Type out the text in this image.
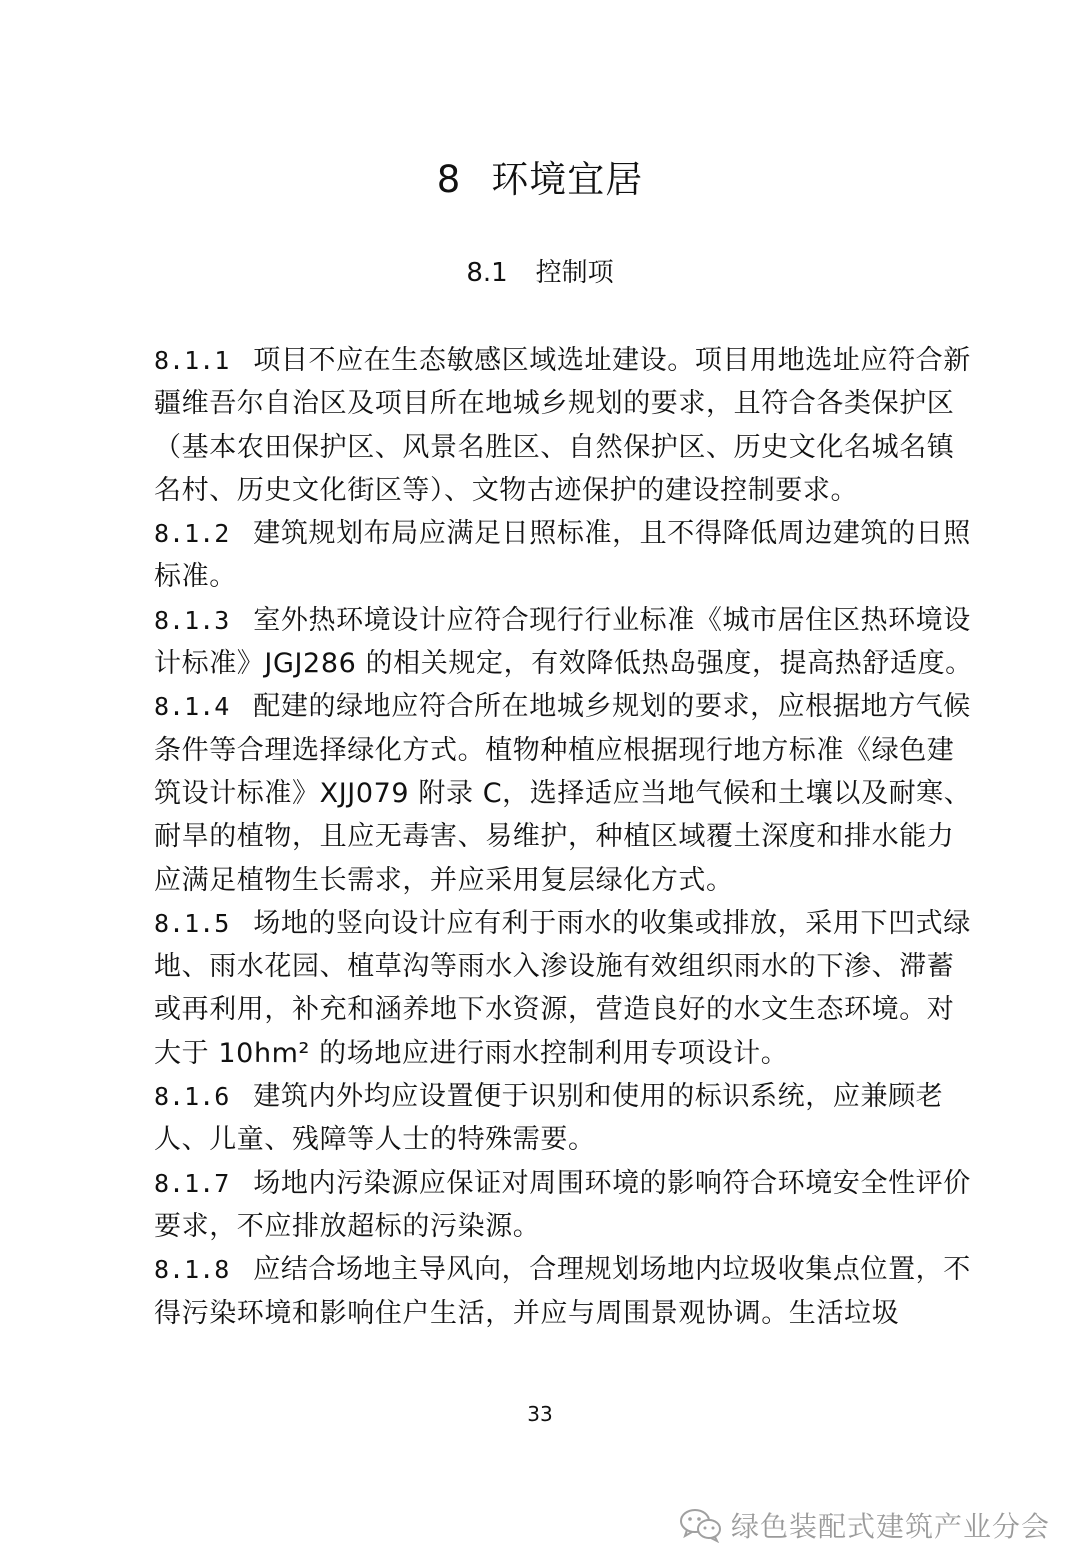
8 环境宜居
8.1 控制项

8.1.1 项目不应在生态敏感区域选址建设。项目用地选址应符合新疆维吾尔自治区及项目所在地城乡规划的要求，且符合各类保护区（基本农田保护区、风景名胜区、自然保护区、历史文化名城名镇名村、历史文化街区等）、文物古迹保护的建设控制要求。

8.1.2 建筑规划布局应满足日照标准，且不得降低周边建筑的日照标准。

8.1.3 室外热环境设计应符合现行行业标准《城市居住区热环境设计标准》JGJ286 的相关规定，有效降低热岛强度，提高热舒适度。

8.1.4 配建的绿地应符合所在地城乡规划的要求，应根据地方气候条件等合理选择绿化方式。植物种植应根据现行地方标准《绿色建筑设计标准》XJJ079 附录 C，选择适应当地气候和土壤以及耐寒、耐旱的植物，且应无毒害、易维护，种植区域覆土深度和排水能力应满足植物生长需求，并应采用复层绿化方式。

8.1.5 场地的竖向设计应有利于雨水的收集或排放，采用下凹式绿地、雨水花园、植草沟等雨水入渗设施有效组织雨水的下渗、滞蓄或再利用，补充和涵养地下水资源，营造良好的水文生态环境。对大于 10hm² 的场地应进行雨水控制利用专项设计。

8.1.6 建筑内外均应设置便于识别和使用的标识系统，应兼顾老人、儿童、残障等人士的特殊需要。

8.1.7 场地内污染源应保证对周围环境的影响符合环境安全性评价要求，不应排放超标的污染源。

8.1.8 应结合场地主导风向，合理规划场地内垃圾收集点位置，不得污染环境和影响住户生活，并应与周围景观协调。生活垃圾

33
绿色装配式建筑产业分会
